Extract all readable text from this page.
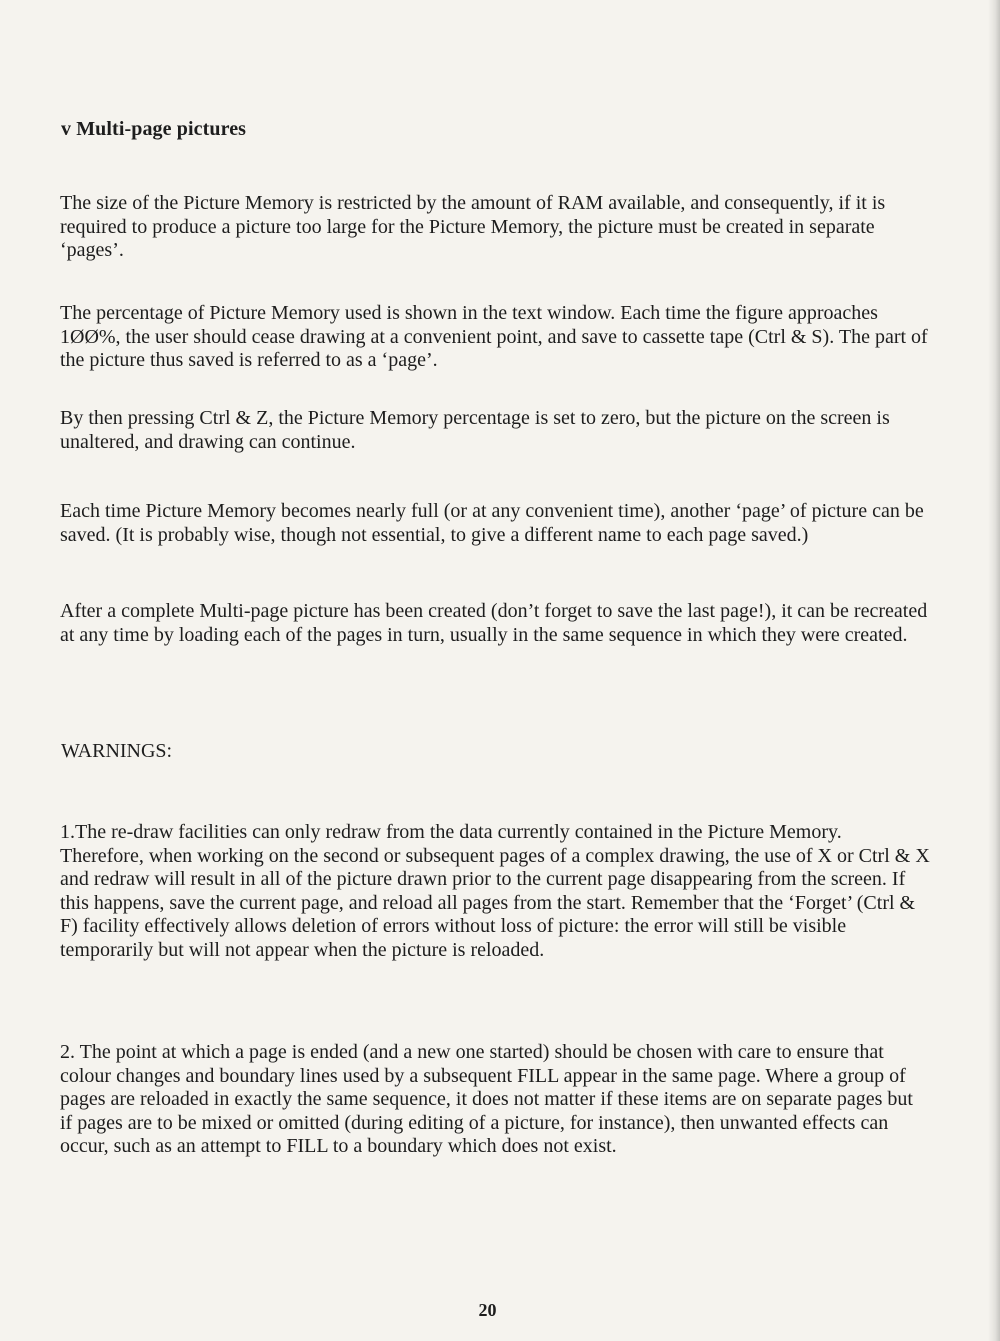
v Multi-page pictures

The size of the Picture Memory is restricted by the amount of RAM available, and consequently, if it is required to produce a picture too large for the Picture Memory, the picture must be created in separate ‘pages’.

The percentage of Picture Memory used is shown in the text window. Each time the figure approaches 1ØØ%, the user should cease drawing at a convenient point, and save to cassette tape (Ctrl & S). The part of the picture thus saved is referred to as a ‘page’.

By then pressing Ctrl & Z, the Picture Memory percentage is set to zero, but the picture on the screen is unaltered, and drawing can continue.

Each time Picture Memory becomes nearly full (or at any convenient time), another ‘page’ of picture can be saved. (It is probably wise, though not essential, to give a different name to each page saved.)

After a complete Multi-page picture has been created (don’t forget to save the last page!), it can be recreated at any time by loading each of the pages in turn, usually in the same sequence in which they were created.

WARNINGS:

1.The re-draw facilities can only redraw from the data currently contained in the Picture Memory. Therefore, when working on the second or subsequent pages of a complex drawing, the use of X or Ctrl & X and redraw will result in all of the picture drawn prior to the current page disappearing from the screen. If this happens, save the current page, and reload all pages from the start. Remember that the ‘Forget’ (Ctrl & F) facility effectively allows deletion of errors without loss of picture: the error will still be visible temporarily but will not appear when the picture is reloaded.

2. The point at which a page is ended (and a new one started) should be chosen with care to ensure that colour changes and boundary lines used by a subsequent FILL appear in the same page. Where a group of pages are reloaded in exactly the same sequence, it does not matter if these items are on separate pages but if pages are to be mixed or omitted (during editing of a picture, for instance), then unwanted effects can occur, such as an attempt to FILL to a boundary which does not exist.

20
